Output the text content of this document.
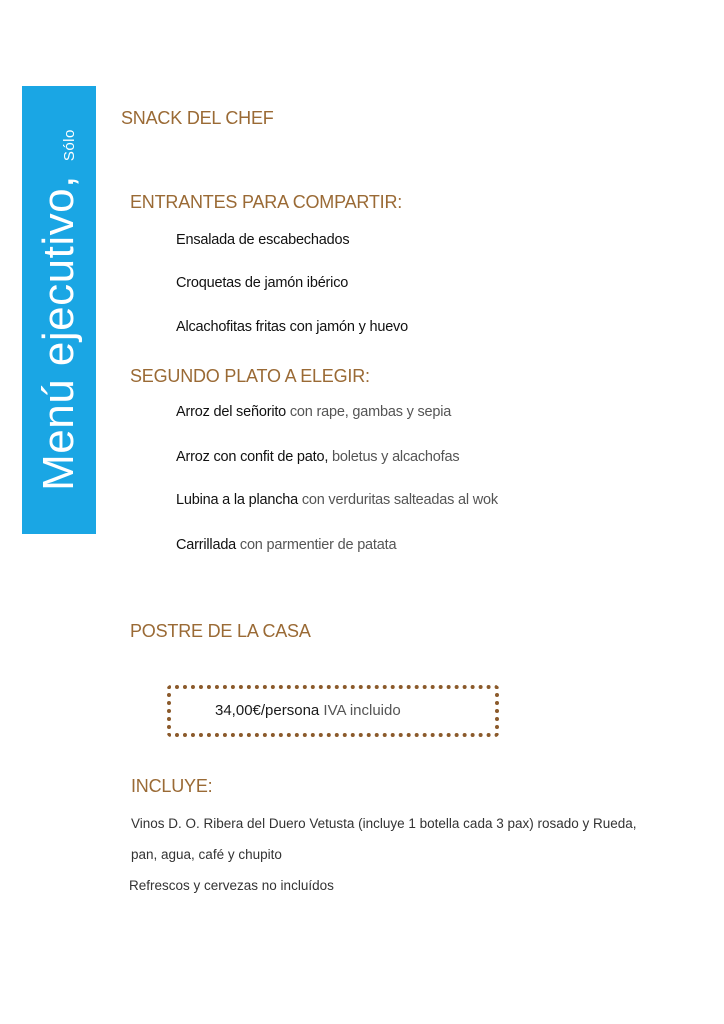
Menú ejecutivo,
Sólo
SNACK DEL CHEF
ENTRANTES PARA COMPARTIR:
Ensalada de escabechados
Croquetas de jamón ibérico
Alcachofitas fritas con jamón y huevo
SEGUNDO PLATO A ELEGIR:
Arroz del señorito con rape, gambas y sepia
Arroz con confit de pato, boletus y alcachofas
Lubina a la plancha con verduritas salteadas al wok
Carrillada con parmentier de patata
POSTRE DE LA CASA
34,00€/persona IVA incluido
INCLUYE:
Vinos D. O. Ribera del Duero Vetusta (incluye 1 botella cada 3 pax) rosado y Rueda,
pan, agua, café y chupito
Refrescos y cervezas no incluídos
